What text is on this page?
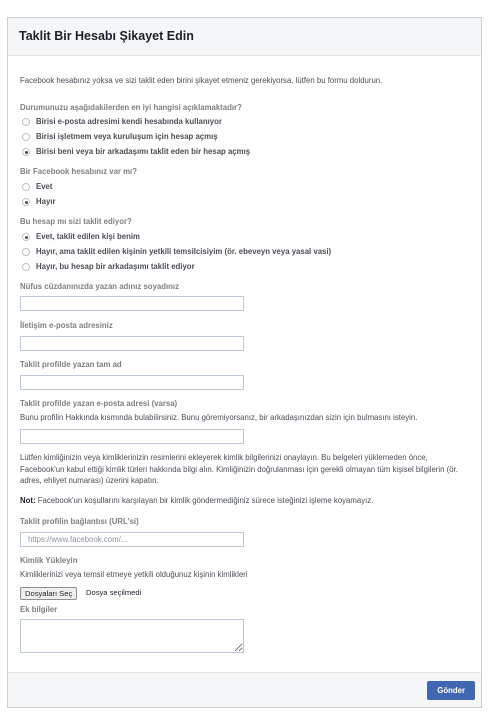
Taklit Bir Hesabı Şikayet Edin
Facebook hesabınız yoksa ve sizi taklit eden birini şikayet etmeniz gerekiyorsa, lütfen bu formu doldurun.
Durumunuzu aşağıdakilerden en iyi hangisi açıklamaktadır?
Birisi e-posta adresimi kendi hesabında kullanıyor
Birisi işletmem veya kuruluşum için hesap açmış
Birisi beni veya bir arkadaşımı taklit eden bir hesap açmış
Bir Facebook hesabınız var mı?
Evet
Hayır
Bu hesap mı sizi taklit ediyor?
Evet, taklit edilen kişi benim
Hayır, ama taklit edilen kişinin yetkili temsilcisiyim (ör. ebeveyn veya yasal vasi)
Hayır, bu hesap bir arkadaşımı taklit ediyor
Nüfus cüzdanınızda yazan adınız soyadınız
İletişim e-posta adresiniz
Taklit profilde yazan tam ad
Taklit profilde yazan e-posta adresi (varsa)
Bunu profilin Hakkında kısmında bulabilirsiniz. Bunu göremiyorsanız, bir arkadaşınızdan sizin için bulmasını isteyin.
Lütfen kimliğinizin veya kimliklerinizin resimlerini ekleyerek kimlik bilgilerinizi onaylayın. Bu belgeleri yüklemeden önce, Facebook'un kabul ettiği kimlik türleri hakkında bilgi alın. Kimliğinizin doğrulanması için gerekli olmayan tüm kişisel bilgilerin (ör. adres, ehliyet numarası) üzerini kapatın.
Not: Facebook'un koşullarını karşılayan bir kimlik göndermediğiniz sürece isteğinizi işleme koyamayız.
Taklit profilin bağlantısı (URL'si)
https://www.facebook.com/...
Kimlik Yükleyin
Kimliklerinizi veya temsil etmeye yetkili olduğunuz kişinin kimlikleri
Dosyaları Seç	Dosya seçilmedi
Ek bilgiler
Gönder
